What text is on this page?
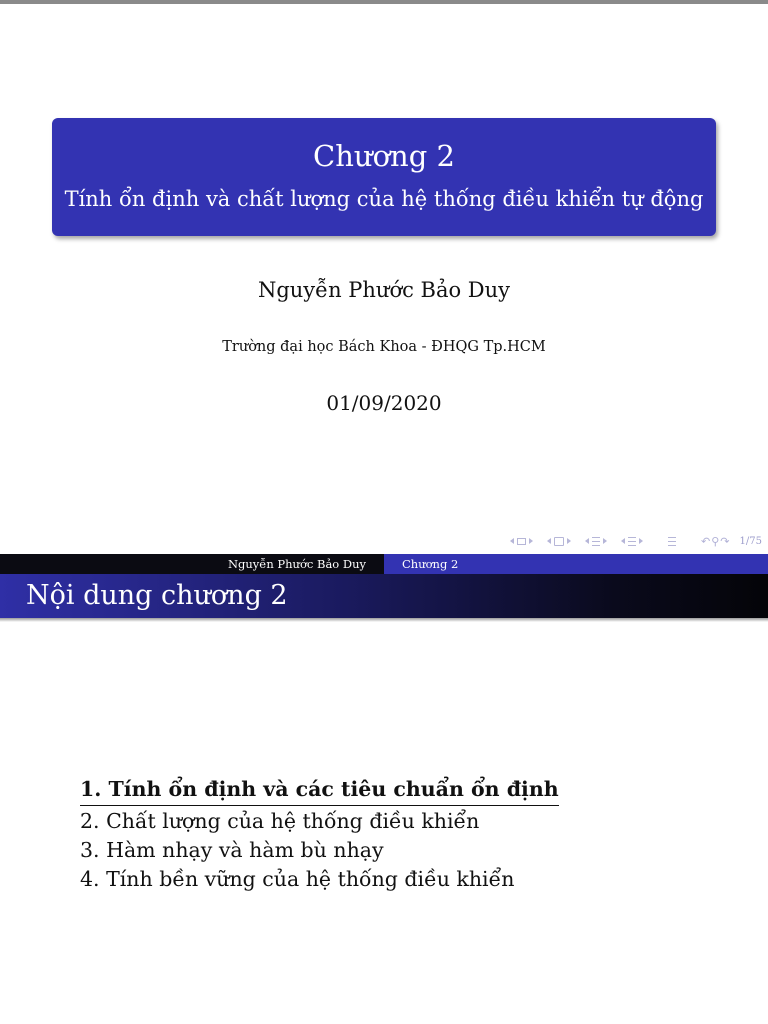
Chương 2
Tính ổn định và chất lượng của hệ thống điều khiển tự động
Nguyễn Phước Bảo Duy
Trường đại học Bách Khoa - ĐHQG Tp.HCM
01/09/2020
↶⚲↷ 1/75
Nguyễn Phước Bảo Duy	Chương 2
Nội dung chương 2
1. Tính ổn định và các tiêu chuẩn ổn định
2. Chất lượng của hệ thống điều khiển
3. Hàm nhạy và hàm bù nhạy
4. Tính bền vững của hệ thống điều khiển
